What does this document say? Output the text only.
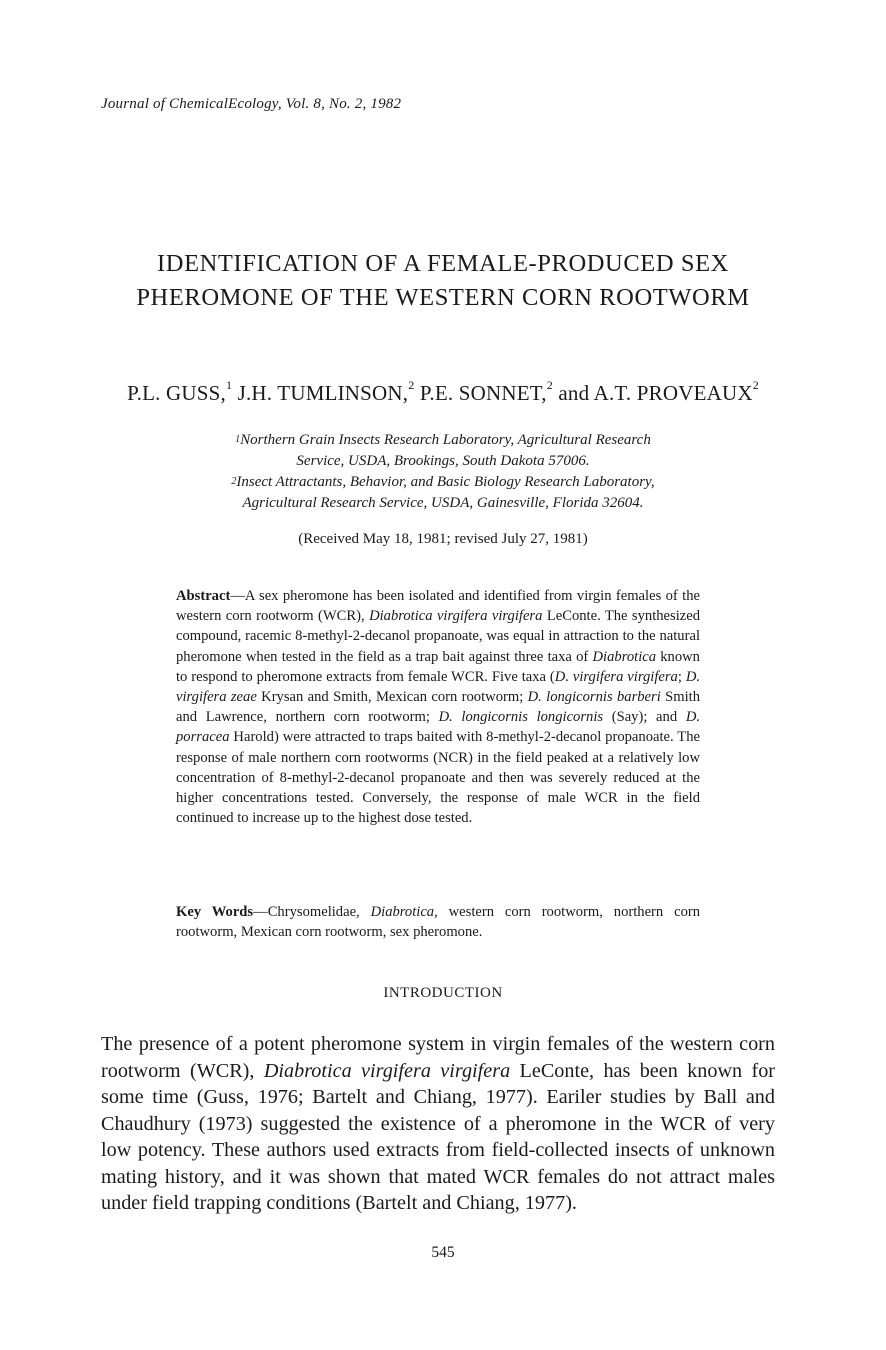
Journal of ChemicalEcology, Vol. 8, No. 2, 1982
IDENTIFICATION OF A FEMALE-PRODUCED SEX
PHEROMONE OF THE WESTERN CORN ROOTWORM
P.L. GUSS,$^1$ J.H. TUMLINSON,$^2$ P.E. SONNET,$^2$ and A.T. PROVEAUX$^2$
$^1$Northern Grain Insects Research Laboratory, Agricultural Research
Service, USDA, Brookings, South Dakota 57006.
$^2$Insect Attractants, Behavior, and Basic Biology Research Laboratory,
Agricultural Research Service, USDA, Gainesville, Florida 32604.
(Received May 18, 1981; revised July 27, 1981)
Abstract—A sex pheromone has been isolated and identified from virgin females of the western corn rootworm (WCR), Diabrotica virgifera virgifera LeConte. The synthesized compound, racemic 8-methyl-2-decanol propanoate, was equal in attraction to the natural pheromone when tested in the field as a trap bait against three taxa of Diabrotica known to respond to pheromone extracts from female WCR. Five taxa (D. virgifera virgifera; D. virgifera zeae Krysan and Smith, Mexican corn rootworm; D. longicornis barberi Smith and Lawrence, northern corn rootworm; D. longicornis longicornis (Say); and D. porracea Harold) were attracted to traps baited with 8-methyl-2-decanol propanoate. The response of male northern corn rootworms (NCR) in the field peaked at a relatively low concentration of 8-methyl-2-decanol propanoate and then was severely reduced at the higher concentrations tested. Conversely, the response of male WCR in the field continued to increase up to the highest dose tested.
Key Words—Chrysomelidae, Diabrotica, western corn rootworm, northern corn rootworm, Mexican corn rootworm, sex pheromone.
INTRODUCTION
The presence of a potent pheromone system in virgin females of the western corn rootworm (WCR), Diabrotica virgifera virgifera LeConte, has been known for some time (Guss, 1976; Bartelt and Chiang, 1977). Eariler studies by Ball and Chaudhury (1973) suggested the existence of a pheromone in the WCR of very low potency. These authors used extracts from field-collected insects of unknown mating history, and it was shown that mated WCR females do not attract males under field trapping conditions (Bartelt and Chiang, 1977).
545
